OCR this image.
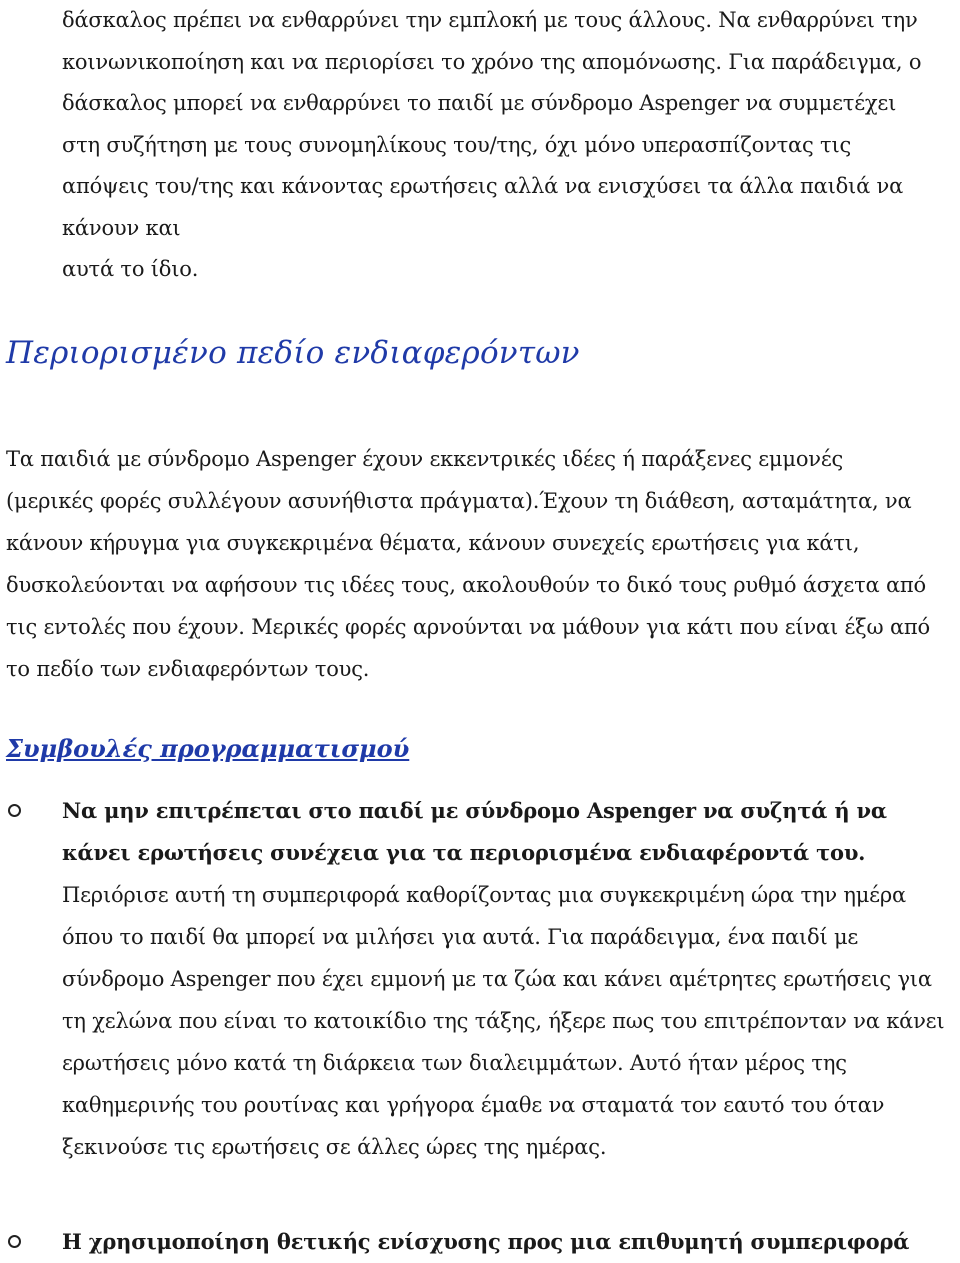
δάσκαλος πρέπει να ενθαρρύνει την εμπλοκή με τους άλλους. Να ενθαρρύνει την
κοινωνικοποίηση και να περιορίσει το χρόνο της απομόνωσης. Για παράδειγμα, ο
δάσκαλος μπορεί να ενθαρρύνει το παιδί με σύνδρομο Aspenger να συμμετέχει
στη συζήτηση με τους συνομηλίκους του/της, όχι μόνο υπερασπίζοντας τις
απόψεις του/της και κάνοντας ερωτήσεις αλλά να ενισχύσει τα άλλα παιδιά να
κάνουν και
αυτά το ίδιο.

Περιορισμένο πεδίο ενδιαφερόντων

Τα παιδιά με σύνδρομο Aspenger έχουν εκκεντρικές ιδέες ή παράξενες εμμονές
(μερικές φορές συλλέγουν ασυνήθιστα πράγματα).Έχουν τη διάθεση, ασταμάτητα, να
κάνουν κήρυγμα για συγκεκριμένα θέματα, κάνουν συνεχείς ερωτήσεις για κάτι,
δυσκολεύονται να αφήσουν τις ιδέες τους, ακολουθούν το δικό τους ρυθμό άσχετα από
τις εντολές που έχουν. Μερικές φορές αρνούνται να μάθουν για κάτι που είναι έξω από
το πεδίο των ενδιαφερόντων τους.

Συμβουλές προγραμματισμού
Να μην επιτρέπεται στο παιδί με σύνδρομο Aspenger να συζητά ή να
κάνει ερωτήσεις συνέχεια για τα περιορισμένα ενδιαφέροντά του.
Περιόρισε αυτή τη συμπεριφορά καθορίζοντας μια συγκεκριμένη ώρα την ημέρα
όπου το παιδί θα μπορεί να μιλήσει για αυτά. Για παράδειγμα, ένα παιδί με
σύνδρομο Aspenger που έχει εμμονή με τα ζώα και κάνει αμέτρητες ερωτήσεις για
τη χελώνα που είναι το κατοικίδιο της τάξης, ήξερε πως του επιτρέπονταν να κάνει
ερωτήσεις μόνο κατά τη διάρκεια των διαλειμμάτων. Αυτό ήταν μέρος της
καθημερινής του ρουτίνας και γρήγορα έμαθε να σταματά τον εαυτό του όταν
ξεκινούσε τις ερωτήσεις σε άλλες ώρες της ημέρας.
Η χρησιμοποίηση θετικής ενίσχυσης προς μια επιθυμητή συμπεριφορά
